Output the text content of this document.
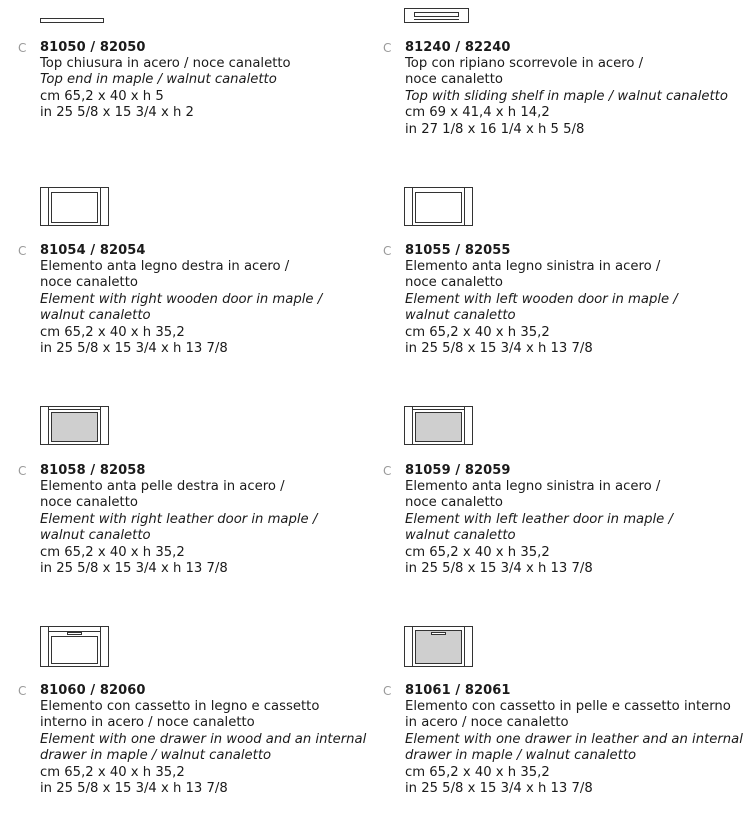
C 81050 / 82050
Top chiusura in acero / noce canaletto
Top end in maple / walnut canaletto
cm 65,2 x 40 x h 5
in 25 5/8 x 15 3/4 x h 2
C 81240 / 82240
Top con ripiano scorrevole in acero /
noce canaletto
Top with sliding shelf in maple / walnut canaletto
cm 69 x 41,4 x h 14,2
in 27 1/8 x 16 1/4 x h 5 5/8
C 81054 / 82054
Elemento anta legno destra in acero /
noce canaletto
Element with right wooden door in maple /
walnut canaletto
cm 65,2 x 40 x h 35,2
in 25 5/8 x 15 3/4 x h 13 7/8
C 81055 / 82055
Elemento anta legno sinistra in acero /
noce canaletto
Element with left wooden door in maple /
walnut canaletto
cm 65,2 x 40 x h 35,2
in 25 5/8 x 15 3/4 x h 13 7/8
C 81058 / 82058
Elemento anta pelle destra in acero /
noce canaletto
Element with right leather door in maple /
walnut canaletto
cm 65,2 x 40 x h 35,2
in 25 5/8 x 15 3/4 x h 13 7/8
C 81059 / 82059
Elemento anta legno sinistra in acero /
noce canaletto
Element with left leather door in maple /
walnut canaletto
cm 65,2 x 40 x h 35,2
in 25 5/8 x 15 3/4 x h 13 7/8
C 81060 / 82060
Elemento con cassetto in legno e cassetto
interno in acero / noce canaletto
Element with one drawer in wood and an internal
drawer in maple / walnut canaletto
cm 65,2 x 40 x h 35,2
in 25 5/8 x 15 3/4 x h 13 7/8
C 81061 / 82061
Elemento con cassetto in pelle e cassetto interno
in acero / noce canaletto
Element with one drawer in leather and an internal
drawer in maple / walnut canaletto
cm 65,2 x 40 x h 35,2
in 25 5/8 x 15 3/4 x h 13 7/8
